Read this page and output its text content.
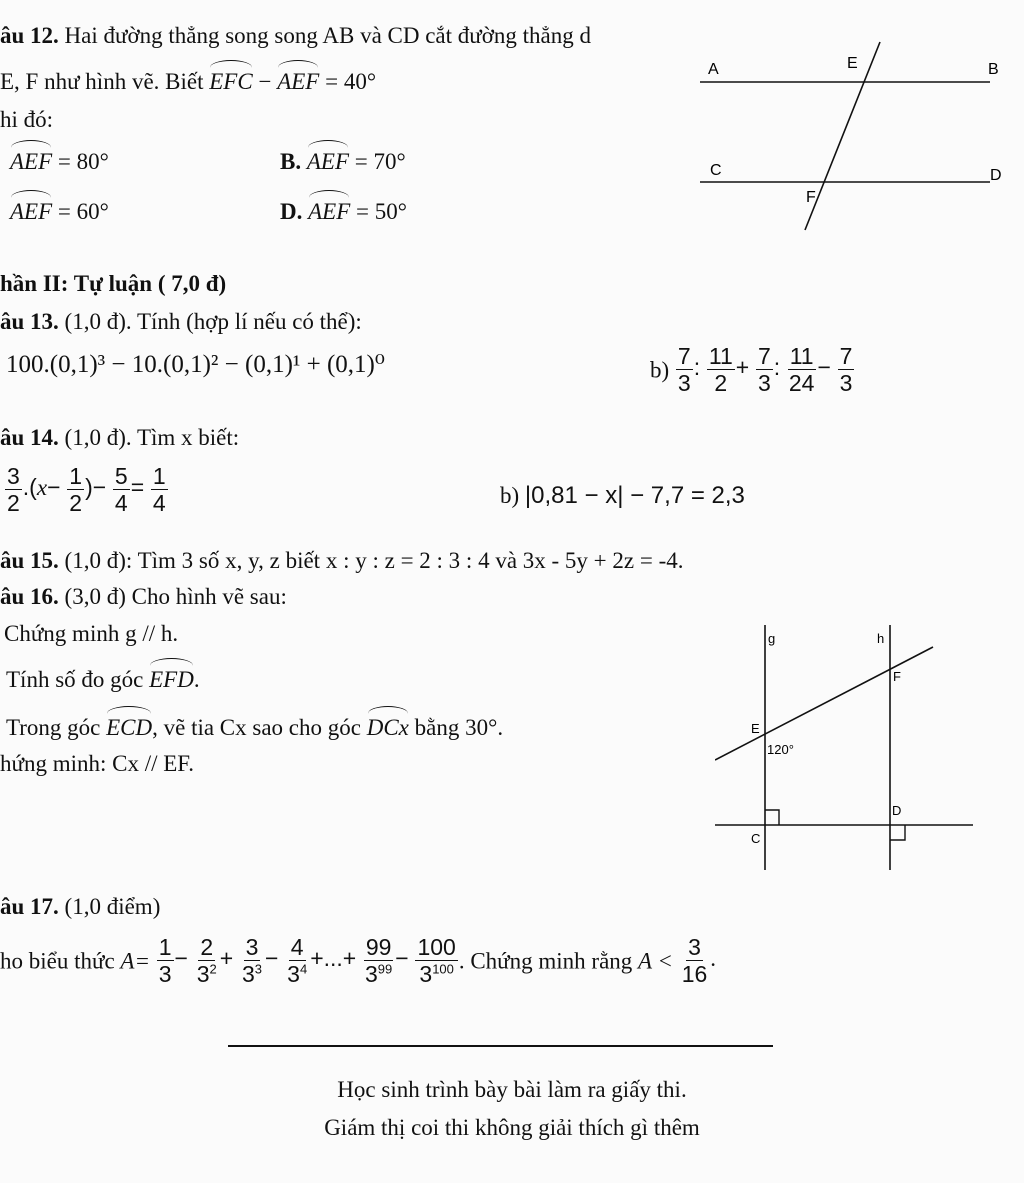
âu 12. Hai đường thẳng song song AB và CD cắt đường thẳng d
E, F như hình vẽ. Biết EFC − AEF = 40°
hi đó:
AEF = 80°	B. AEF = 70°
AEF = 60°	D. AEF = 50°
A	B
C	D
E
F
hần II: Tự luận ( 7,0 đ)
âu 13. (1,0 đ). Tính (hợp lí nếu có thể):
100.(0,1)³ − 10.(0,1)² − (0,1)¹ + (0,1)⁰	$b) \frac{7}{3}$ : $\frac{11}{2} + \frac{7}{3}$ : $\frac{11}{24} - \frac{7}{3}$
âu 14. (1,0 đ). Tìm x biết:
$\frac{3}{2} .(x- \frac{1}{2}$ )− $\frac{5}{4} = \frac{1}{4}$	b) |0,81 − x| − 7,7 = 2,3
âu 15. (1,0 đ): Tìm 3 số x, y, z biết x : y : z = 2 : 3 : 4 và 3x - 5y + 2z = -4.
âu 16. (3,0 đ) Cho hình vẽ sau:
Chứng minh g // h.
Tính số đo góc EFD.
Trong góc ECD, vẽ tia Cx sao cho góc DCx bằng 30°.
hứng minh: Cx // EF.
g	h
E
F
120°
C
D
âu 17. (1,0 điểm)
ho biểu thức $A= \frac{1}{3} - \frac{2}{3^2} + \frac{3}{3^3} - \frac{4}{3^4}$ +...+ $\frac{99}{3^{99}} - \frac{100}{3^{100}}$ . Chứng minh rằng $A < \frac{3}{16}$ .
Học sinh trình bày bài làm ra giấy thi.
Giám thị coi thi không giải thích gì thêm
